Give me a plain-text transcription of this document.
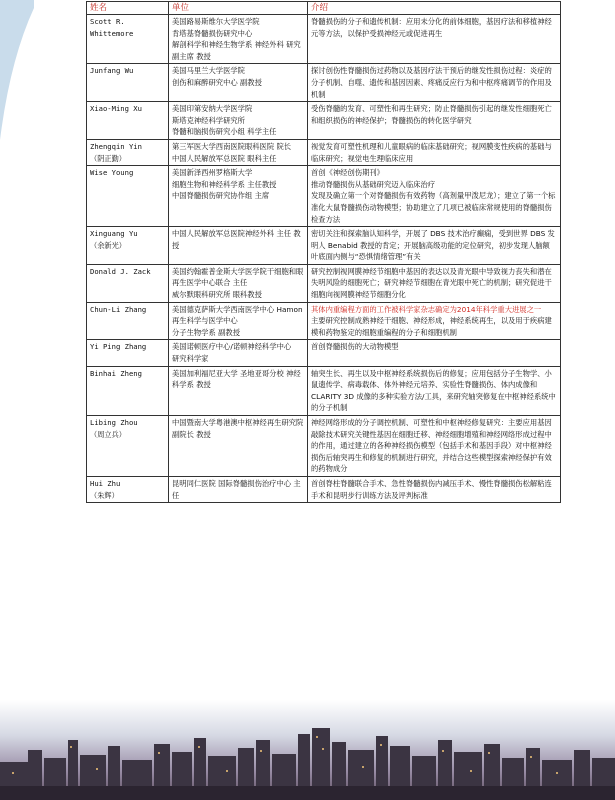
姓名	单位	介绍
Scott R. Whittemore	美国路易斯维尔大学医学院
肯塔基脊髓损伤研究中心
解剖科学和神经生物学系 神经外科 研究副主席 教授	脊髓损伤的分子和遗传机制：应用未分化的前体细胞，基因疗法和移植神经元等方法，以保护受损神经元或促进再生

Junfang Wu	美国马里兰大学医学院
创伤和麻醉研究中心 副教授	探讨创伤性脊髓损伤过药物以及基因疗法干预后的继发性损伤过程：炎症的分子机制、自噬、遗传和基因因素、疼痛反应行为和中枢疼痛调节的作用及机制

Xiao-Ming Xu	美国印第安纳大学医学院
斯塔克神经科学研究所
脊髓和脑损伤研究小组 科学主任	受伤脊髓的发育、可塑性和再生研究；防止脊髓损伤引起的继发性细胞死亡和组织损伤的神经保护；脊髓损伤的转化医学研究

Zhengqin Yin
（阴正勤）	第三军医大学西南医院眼科医院 院长
中国人民解放军总医院 眼科主任	视觉发育可塑性机理和儿童眼病的临床基础研究；视网膜变性疾病的基础与临床研究；视觉电生理临床应用

Wise Young	美国新泽西州罗格斯大学
细胞生物和神经科学系 主任教授
中国脊髓损伤研究协作组 主席	首创《神经创伤期刊》
推动脊髓损伤从基础研究迈入临床治疗
发现及确立第一个对脊髓损伤有效药物（高剂量甲泼尼龙）；建立了第一个标准化大鼠脊髓损伤动物模型；协助建立了几项已被临床常规使用的脊髓损伤检查方法

Xinguang Yu
（余新光）	中国人民解放军总医院神经外科 主任 教授	密切关注和探索脑认知科学，开展了 DBS 技术治疗癫痫，受到世界 DBS 发明人 Benabid 教授的肯定；开展脑高级功能的定位研究，初步发现人脑额叶底面内侧与“恐惧情绪管理”有关

Donald J. Zack	美国约翰霍普金斯大学医学院干细胞和眼再生医学中心联合 主任
威尔默眼科研究所 眼科教授	研究控制视网膜神经节细胞中基因的表达以及青光眼中导致视力丧失和潜在失明风险的细胞死亡；研究神经节细胞在青光眼中死亡的机制；研究促进干细胞向视网膜神经节细胞分化

Chun-Li Zhang	美国德克萨斯大学西南医学中心 Hamon 再生科学与医学中心
分子生物学系 副教授	其体内重编程方面的工作被科学家杂志确定为2014年科学重大进展之一
主要研究控制成熟神经干细胞、神经形成，神经系统再生，以及用于疾病建模和药物鉴定的细胞重编程的分子和细胞机制

Yi Ping Zhang	美国诺顿医疗中心/诺顿神经科学中心
研究科学家	首创脊髓损伤的大动物模型

Binhai Zheng	美国加利福尼亚大学 圣地亚哥分校 神经科学系 教授	轴突生长、再生以及中枢神经系统损伤后的修复；应用包括分子生物学、小鼠遗传学、病毒载体、体外神经元培养、实验性脊髓损伤、体内成像和 CLARITY 3D 成像的多种实验方法/工具，来研究轴突修复在中枢神经系统中的分子机制

Libing Zhou
（周立兵）	中国暨南大学粤港澳中枢神经再生研究院 副院长 教授	神经网络形成的分子调控机制、可塑性和中枢神经修复研究：主要应用基因敲除技术研究关键性基因在细胞迁移、神经细胞增殖和神经网络形成过程中的作用，通过建立的各种神经损伤模型（包括手术和基因手段）对中枢神经损伤后轴突再生和修复的机制进行研究，并结合这些模型探索神经保护有效的药物成分

Hui Zhu
（朱辉）	昆明同仁医院 国际脊髓损伤治疗中心 主任	首创脊柱脊髓联合手术、急性脊髓损伤内减压手术、慢性脊髓损伤松解粘连手术和昆明步行训练方法及评判标准
